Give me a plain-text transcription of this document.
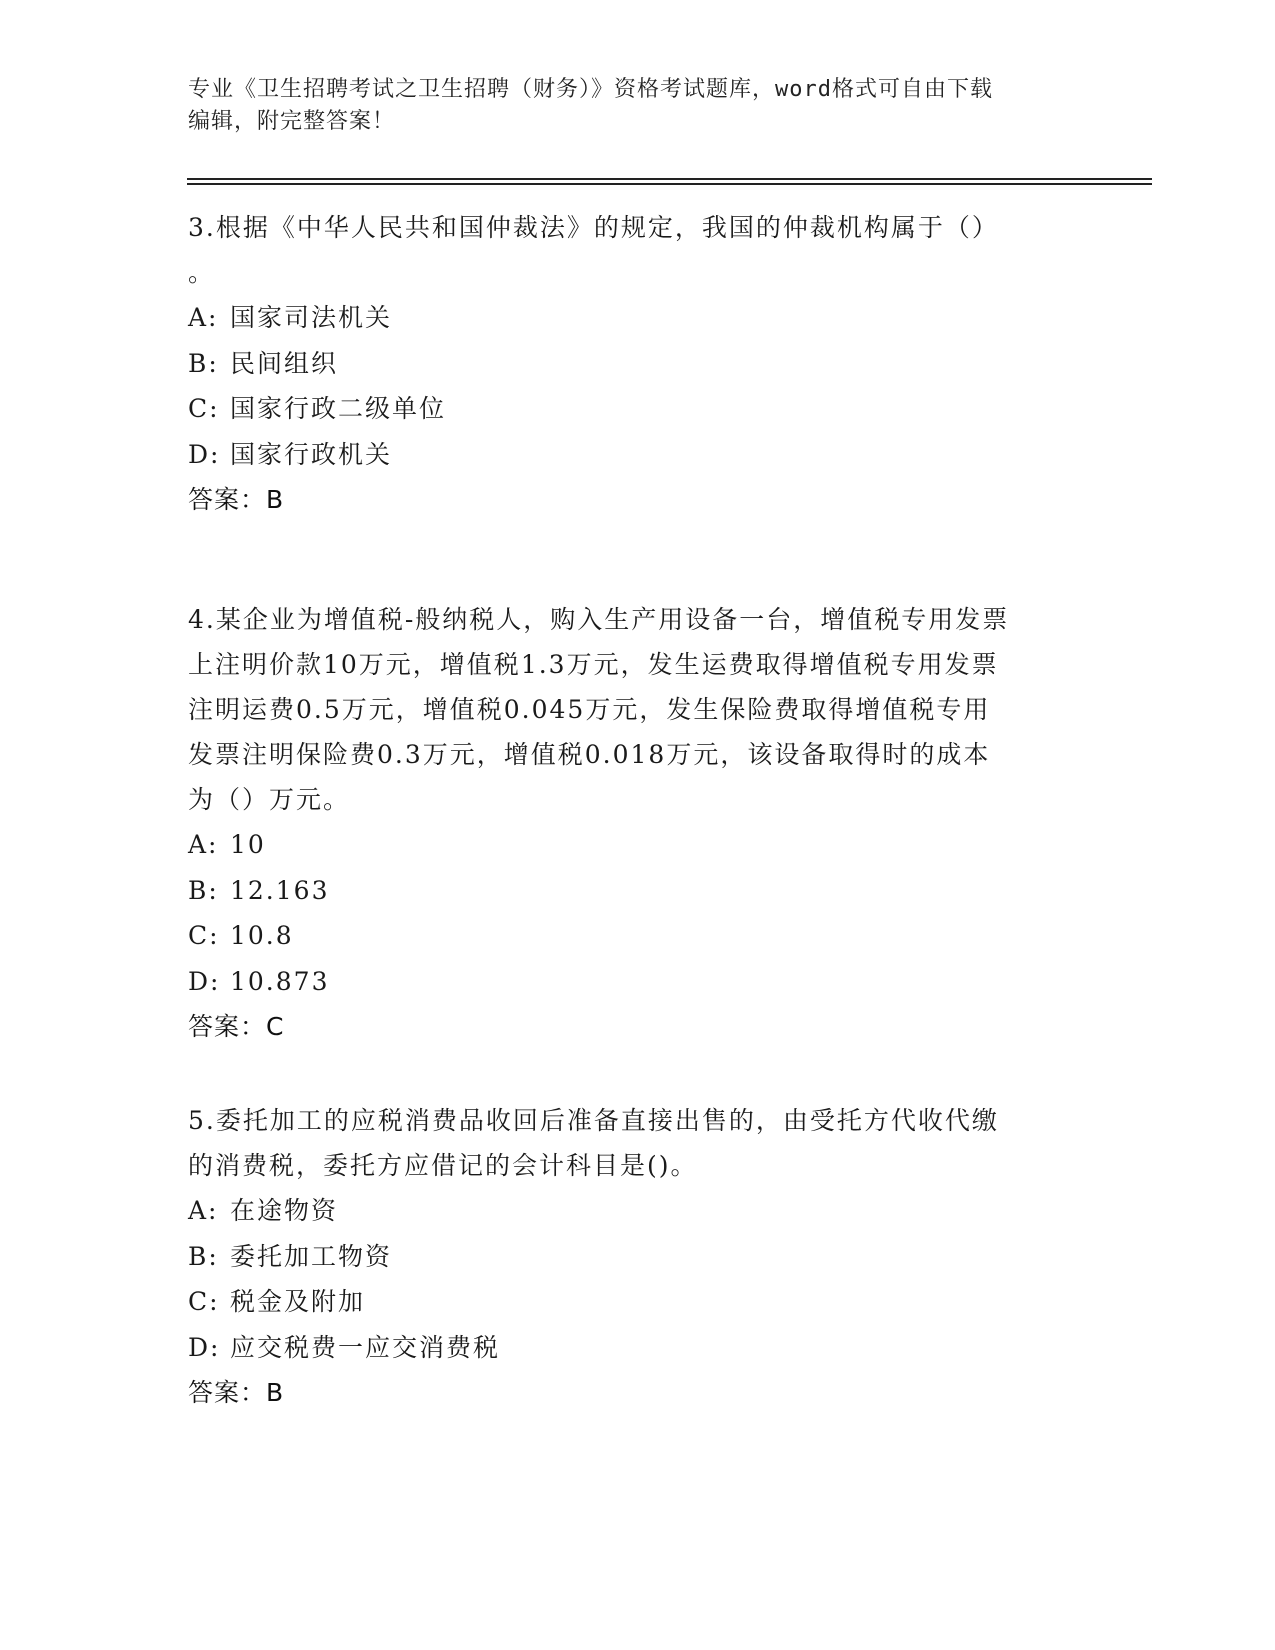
专业《卫生招聘考试之卫生招聘（财务）》资格考试题库，word格式可自由下载
编辑，附完整答案！
3.根据《中华人民共和国仲裁法》的规定，我国的仲裁机构属于（）
。
A: 国家司法机关
B: 民间组织
C: 国家行政二级单位
D: 国家行政机关
答案：B
4.某企业为增值税-般纳税人，购入生产用设备一台，增值税专用发票
上注明价款10万元，增值税1.3万元，发生运费取得增值税专用发票
注明运费0.5万元，增值税0.045万元，发生保险费取得增值税专用
发票注明保险费0.3万元，增值税0.018万元，该设备取得时的成本
为（）万元。
A: 10
B: 12.163
C: 10.8
D: 10.873
答案：C
5.委托加工的应税消费品收回后准备直接出售的，由受托方代收代缴
的消费税，委托方应借记的会计科目是()。
A: 在途物资
B: 委托加工物资
C: 税金及附加
D: 应交税费一应交消费税
答案：B
